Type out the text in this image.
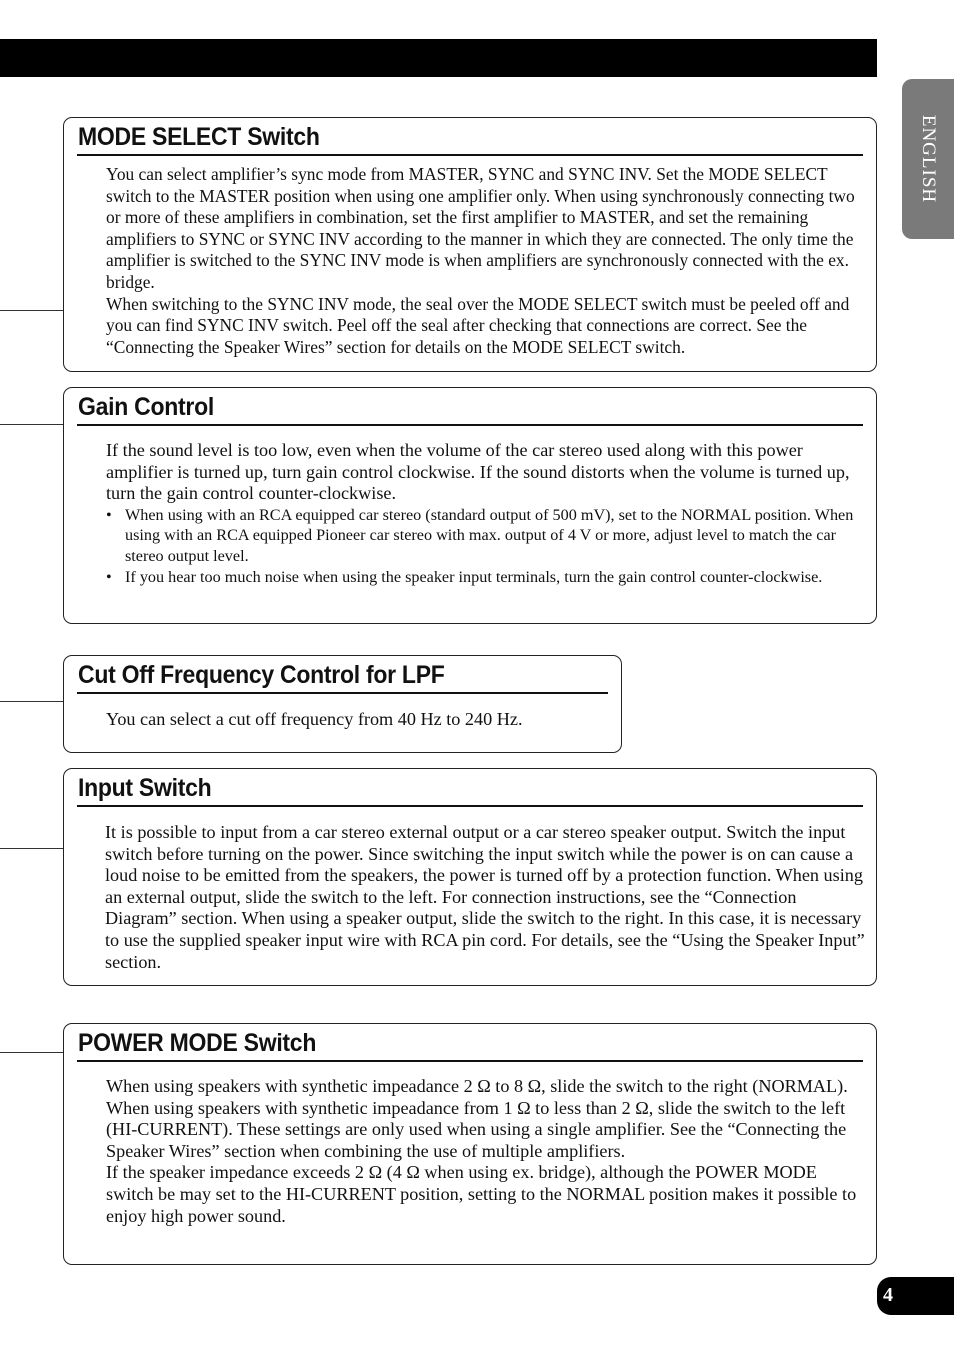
ENGLISH
MODE SELECT Switch

You can select amplifier’s sync mode from MASTER, SYNC and SYNC INV. Set the MODE SELECT switch to the MASTER position when using one amplifier only. When using synchronously connecting two or more of these amplifiers in combination, set the first amplifier to MASTER, and set the remaining amplifiers to SYNC or SYNC INV according to the manner in which they are connected. The only time the amplifier is switched to the SYNC INV mode is when amplifiers are synchronously connected with the ex. bridge.

When switching to the SYNC INV mode, the seal over the MODE SELECT switch must be peeled off and you can find SYNC INV switch. Peel off the seal after checking that connections are correct. See the “Connecting the Speaker Wires” section for details on the MODE SELECT switch.

Gain Control

If the sound level is too low, even when the volume of the car stereo used along with this power amplifier is turned up, turn gain control clockwise. If the sound distorts when the volume is turned up, turn the gain control counter-clockwise.

• When using with an RCA equipped car stereo (standard output of 500 mV), set to the NORMAL position. When using with an RCA equipped Pioneer car stereo with max. output of 4 V or more, adjust level to match the car stereo output level.
• If you hear too much noise when using the speaker input terminals, turn the gain control counter-clockwise.
Cut Off Frequency Control for LPF

You can select a cut off frequency from 40 Hz to 240 Hz.

Input Switch

It is possible to input from a car stereo external output or a car stereo speaker output. Switch the input switch before turning on the power. Since switching the input switch while the power is on can cause a loud noise to be emitted from the speakers, the power is turned off by a protection function. When using an external output, slide the switch to the left. For connection instructions, see the “Connection Diagram” section. When using a speaker output, slide the switch to the right. In this case, it is necessary to use the supplied speaker input wire with RCA pin cord. For details, see the “Using the Speaker Input” section.

POWER MODE Switch

When using speakers with synthetic impeadance 2 Ω to 8 Ω, slide the switch to the right (NORMAL). When using speakers with synthetic impeadance from 1 Ω to less than 2 Ω, slide the switch to the left (HI-CURRENT). These settings are only used when using a single amplifier. See the “Connecting the Speaker Wires” section when combining the use of multiple amplifiers.

If the speaker impedance exceeds 2 Ω (4 Ω when using ex. bridge), although the POWER MODE switch be may set to the HI-CURRENT position, setting to the NORMAL position makes it possible to enjoy high power sound.

4
